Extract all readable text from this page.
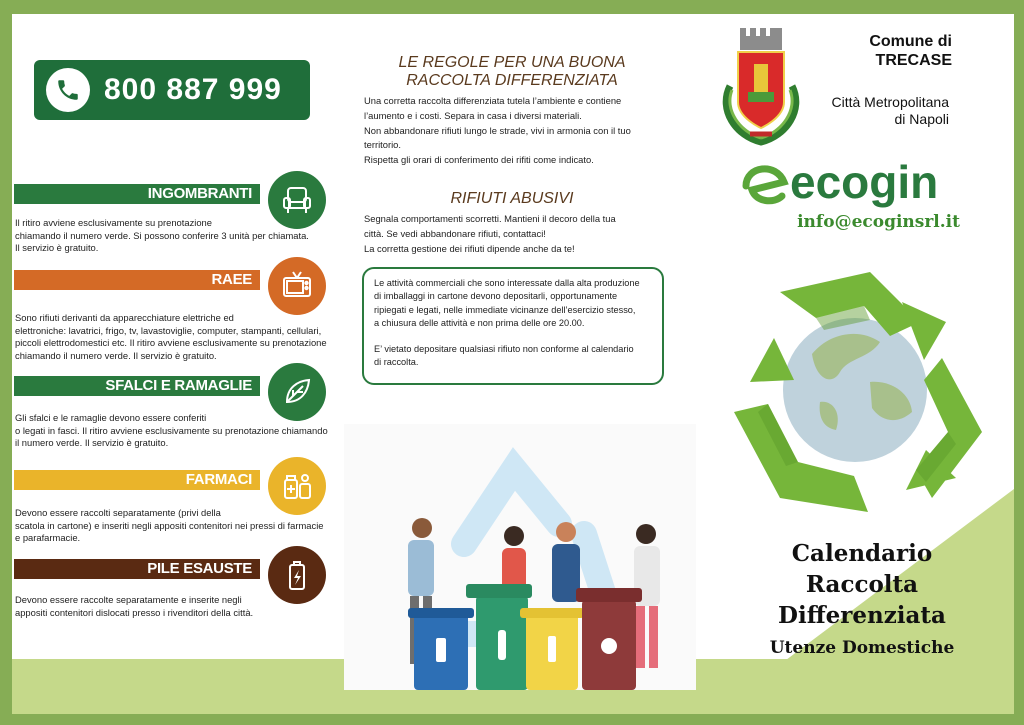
800 887 999
INGOMBRANTI
Il ritiro avviene esclusivamente su prenotazione
chiamando il numero verde. Si possono conferire 3 unità per chiamata.
Il servizio è gratuito.
RAEE
Sono rifiuti derivanti da apparecchiature elettriche ed
elettroniche: lavatrici, frigo, tv, lavastoviglie, computer, stampanti, cellulari,
piccoli elettrodomestici etc. Il ritiro avviene esclusivamente su prenotazione
chiamando il numero verde. Il servizio è gratuito.
SFALCI E RAMAGLIE
Gli sfalci e le ramaglie devono essere conferiti
o legati in fasci. Il ritiro avviene esclusivamente su prenotazione chiamando
il numero verde. Il servizio è gratuito.
FARMACI
Devono essere raccolti separatamente (privi della
scatola in cartone) e inseriti negli appositi contenitori nei pressi di farmacie
e parafarmacie.
PILE ESAUSTE
Devono essere raccolte separatamente e inserite negli
appositi contenitori dislocati presso i rivenditori della città.
LE REGOLE PER UNA BUONA
RACCOLTA DIFFERENZIATA
Una corretta raccolta differenziata tutela l’ambiente e contiene
l’aumento e i costi. Separa in casa i diversi materiali.
Non abbandonare rifiuti lungo le strade, vivi in armonia con il tuo
territorio.
Rispetta gli orari di conferimento dei rifiti come indicato.
RIFIUTI ABUSIVI
Segnala comportamenti scorretti. Mantieni il decoro della tua
città. Se vedi abbandonare rifiuti, contattaci!
La corretta gestione dei rifiuti dipende anche da te!
Le attività commerciali che sono interessate dalla alta produzione
di imballaggi in cartone devono depositarli, opportunamente
ripiegati e legati, nelle immediate vicinanze dell’esercizio stesso,
a chiusura delle attività e non prima delle ore 20.00.
E’ vietato depositare qualsiasi rifiuto non conforme al calendario
di raccolta.
Comune di
TRECASE
Città Metropolitana
di Napoli
ecogin
info@ecoginsrl.it
Calendario
Raccolta
Differenziata
Utenze Domestiche
